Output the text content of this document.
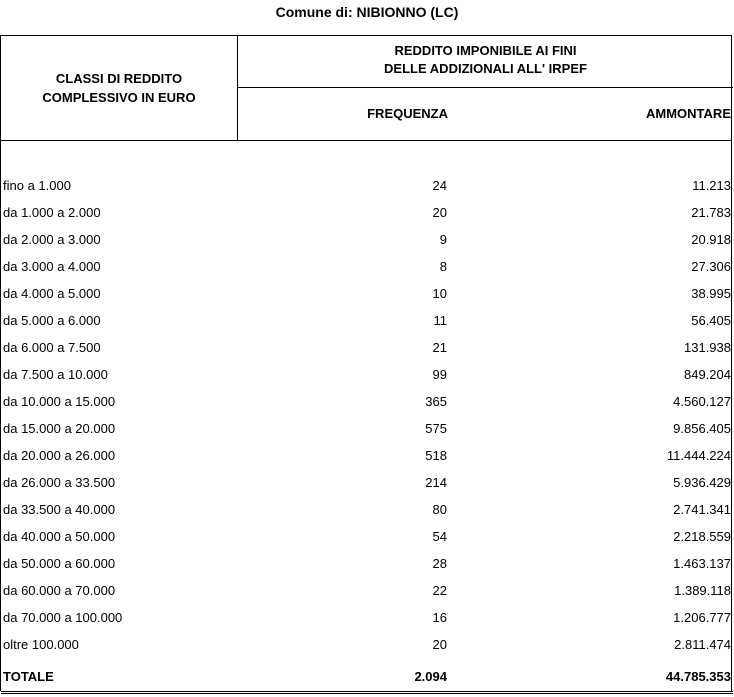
Comune di: NIBIONNO (LC)
CLASSI DI REDDITO
COMPLESSIVO IN EURO
REDDITO IMPONIBILE AI FINI
DELLE ADDIZIONALI ALL' IRPEF
FREQUENZA	AMMONTARE
fino a 1.000	24	11.213
da 1.000 a 2.000	20	21.783
da 2.000 a 3.000	9	20.918
da 3.000 a 4.000	8	27.306
da 4.000 a 5.000	10	38.995
da 5.000 a 6.000	11	56.405
da 6.000 a 7.500	21	131.938
da 7.500 a 10.000	99	849.204
da 10.000 a 15.000	365	4.560.127
da 15.000 a 20.000	575	9.856.405
da 20.000 a 26.000	518	11.444.224
da 26.000 a 33.500	214	5.936.429
da 33.500 a 40.000	80	2.741.341
da 40.000 a 50.000	54	2.218.559
da 50.000 a 60.000	28	1.463.137
da 60.000 a 70.000	22	1.389.118
da 70.000 a 100.000	16	1.206.777
oltre 100.000	20	2.811.474
TOTALE	2.094	44.785.353
